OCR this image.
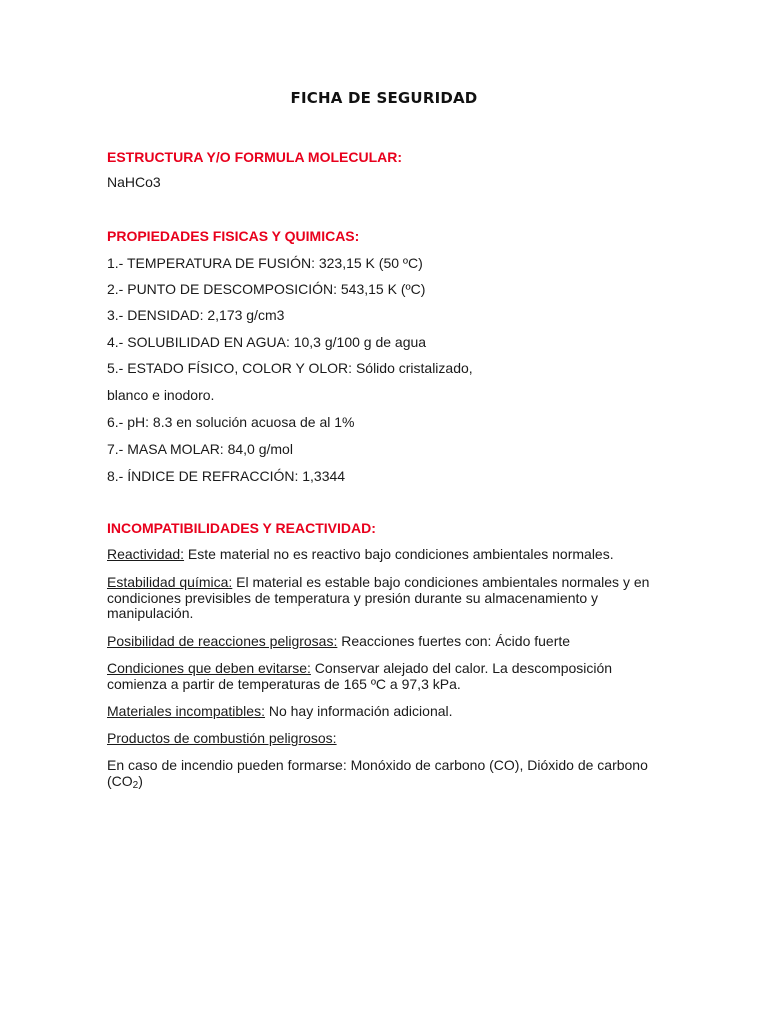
FICHA DE SEGURIDAD
ESTRUCTURA Y/O FORMULA MOLECULAR:
NaHCo3
PROPIEDADES FISICAS Y QUIMICAS:
1.- TEMPERATURA DE FUSIÓN: 323,15 K (50 ºC)
2.- PUNTO DE DESCOMPOSICIÓN: 543,15 K (ºC)
3.- DENSIDAD: 2,173 g/cm3
4.- SOLUBILIDAD EN AGUA: 10,3 g/100 g de agua
5.- ESTADO FÍSICO, COLOR Y OLOR: Sólido cristalizado,
blanco e inodoro.
6.- pH: 8.3 en solución acuosa de al 1%
7.- MASA MOLAR: 84,0 g/mol
8.- ÍNDICE DE REFRACCIÓN: 1,3344
INCOMPATIBILIDADES Y REACTIVIDAD:
Reactividad: Este material no es reactivo bajo condiciones ambientales normales.
Estabilidad química: El material es estable bajo condiciones ambientales normales y en condiciones previsibles de temperatura y presión durante su almacenamiento y manipulación.
Posibilidad de reacciones peligrosas: Reacciones fuertes con: Ácido fuerte
Condiciones que deben evitarse: Conservar alejado del calor. La descomposición comienza a partir de temperaturas de 165 ºC a 97,3 kPa.
Materiales incompatibles: No hay información adicional.
Productos de combustión peligrosos:
En caso de incendio pueden formarse: Monóxido de carbono (CO), Dióxido de carbono $(CO_2)$
